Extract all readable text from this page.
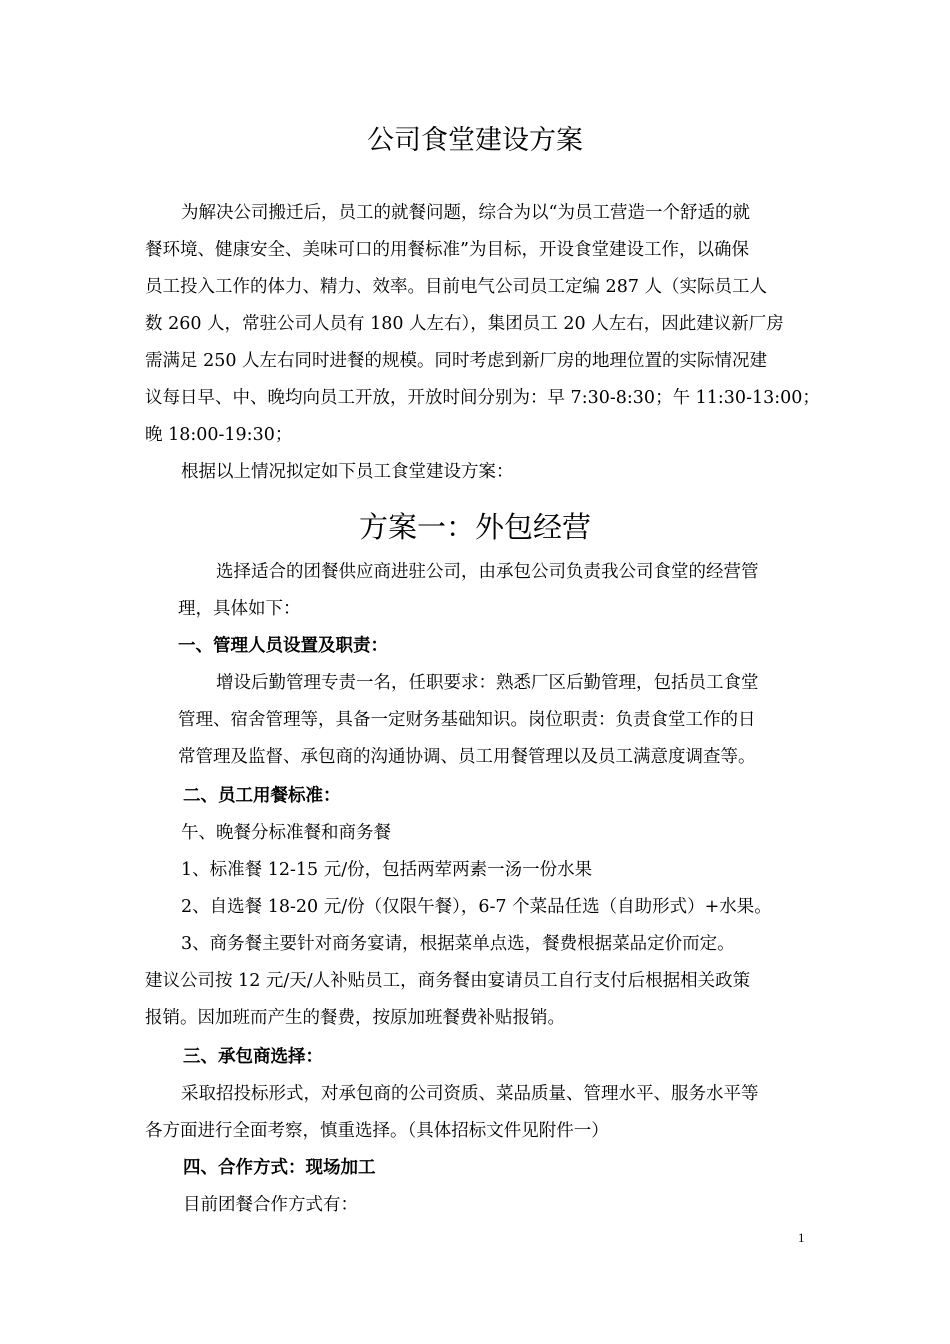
公司食堂建设方案

为解决公司搬迁后，员工的就餐问题，综合为以“为员工营造一个舒适的就

餐环境、健康安全、美味可口的用餐标准”为目标，开设食堂建设工作，以确保

员工投入工作的体力、精力、效率。目前电气公司员工定编 287 人（实际员工人

数 260 人，常驻公司人员有 180 人左右），集团员工 20 人左右，因此建议新厂房

需满足 250 人左右同时进餐的规模。同时考虑到新厂房的地理位置的实际情况建

议每日早、中、晚均向员工开放，开放时间分别为：早 7:30-8:30；午 11:30-13:00；

晚 18:00-19:30；

根据以上情况拟定如下员工食堂建设方案：

方案一：外包经营

选择适合的团餐供应商进驻公司，由承包公司负责我公司食堂的经营管

理，具体如下：

一、管理人员设置及职责：

增设后勤管理专责一名，任职要求：熟悉厂区后勤管理，包括员工食堂

管理、宿舍管理等，具备一定财务基础知识。岗位职责：负责食堂工作的日

常管理及监督、承包商的沟通协调、员工用餐管理以及员工满意度调查等。

二、员工用餐标准：

午、晚餐分标准餐和商务餐

1、标准餐 12-15 元/份，包括两荤两素一汤一份水果

2、自选餐 18-20 元/份（仅限午餐），6-7 个菜品任选（自助形式）+水果。

3、商务餐主要针对商务宴请，根据菜单点选，餐费根据菜品定价而定。

建议公司按 12 元/天/人补贴员工，商务餐由宴请员工自行支付后根据相关政策

报销。因加班而产生的餐费，按原加班餐费补贴报销。

三、承包商选择：

采取招投标形式，对承包商的公司资质、菜品质量、管理水平、服务水平等

各方面进行全面考察，慎重选择。（具体招标文件见附件一）

四、合作方式：现场加工

目前团餐合作方式有：

1
